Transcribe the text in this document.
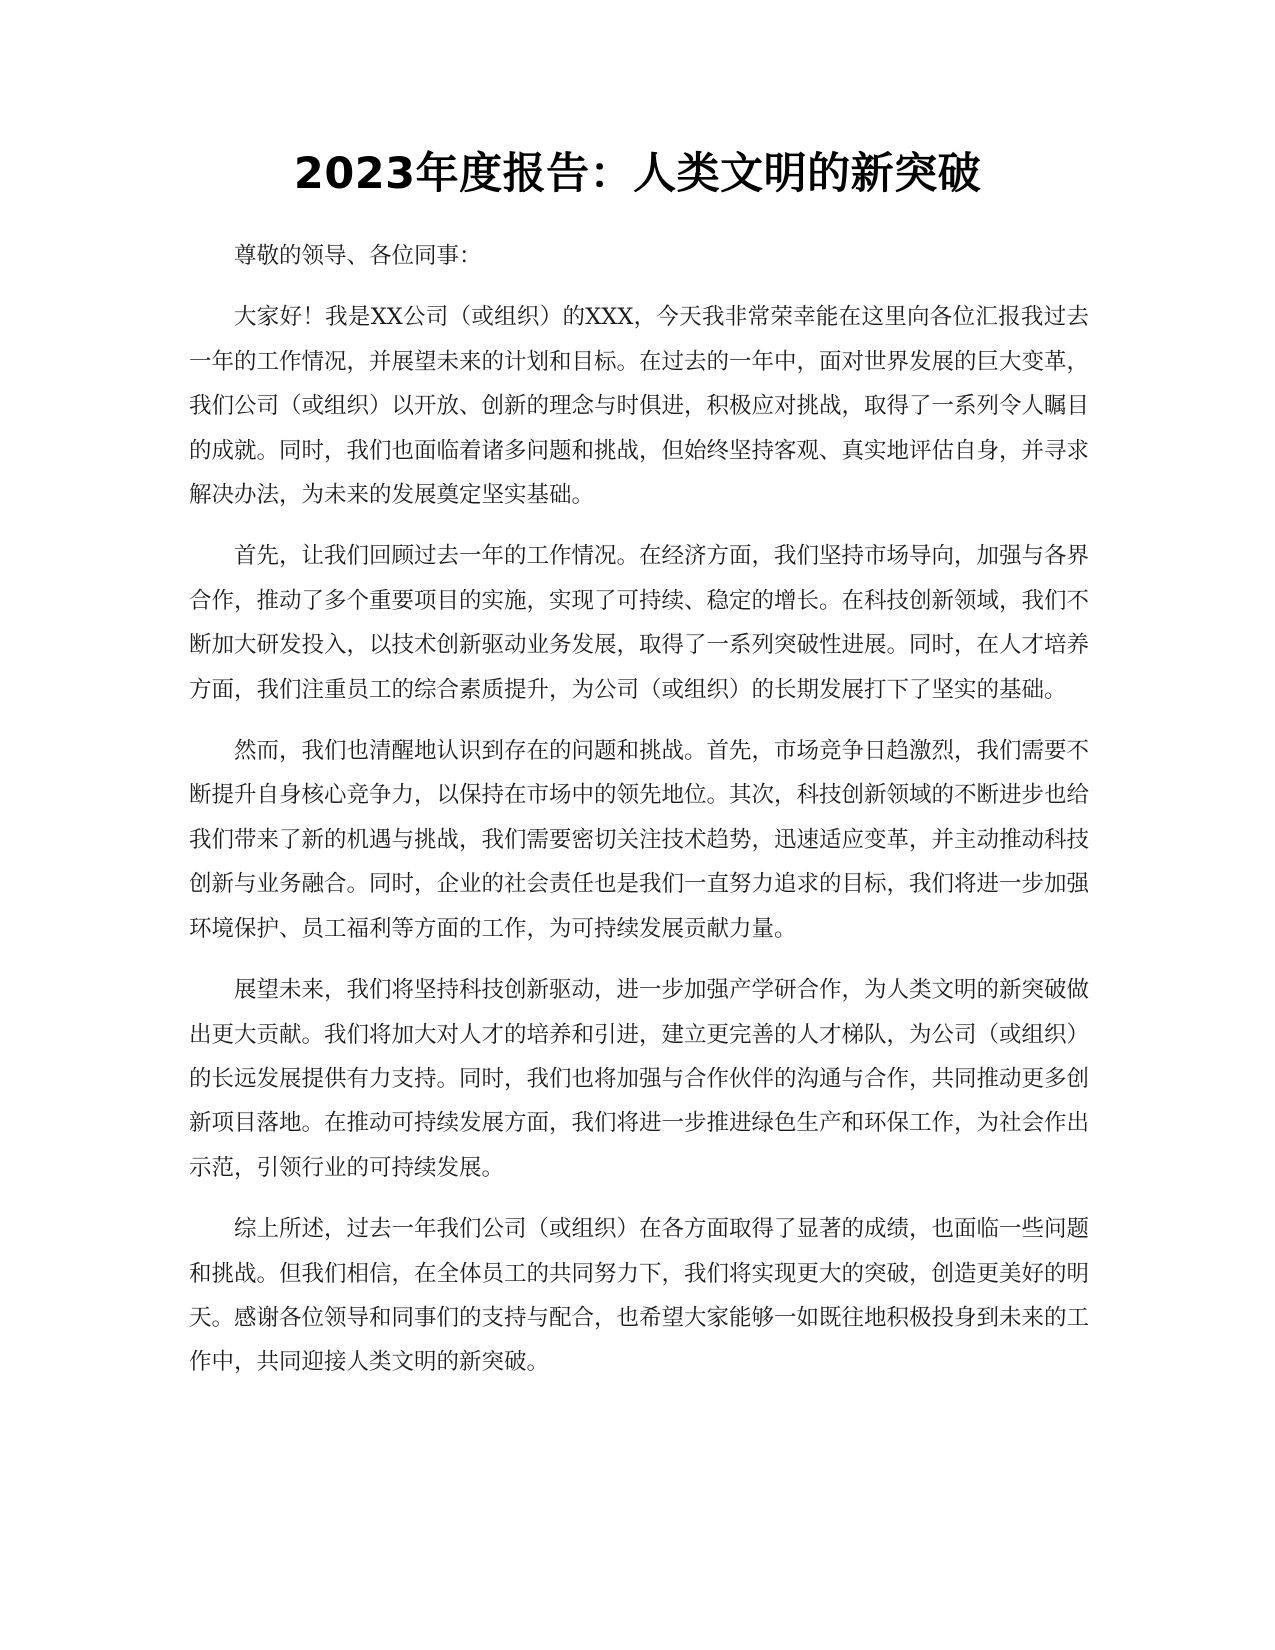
2023年度报告：人类文明的新突破

尊敬的领导、各位同事：

大家好！我是XX公司（或组织）的XXX，今天我非常荣幸能在这里向各位汇报我过去一年的工作情况，并展望未来的计划和目标。在过去的一年中，面对世界发展的巨大变革，我们公司（或组织）以开放、创新的理念与时俱进，积极应对挑战，取得了一系列令人瞩目的成就。同时，我们也面临着诸多问题和挑战，但始终坚持客观、真实地评估自身，并寻求解决办法，为未来的发展奠定坚实基础。

首先，让我们回顾过去一年的工作情况。在经济方面，我们坚持市场导向，加强与各界合作，推动了多个重要项目的实施，实现了可持续、稳定的增长。在科技创新领域，我们不断加大研发投入，以技术创新驱动业务发展，取得了一系列突破性进展。同时，在人才培养方面，我们注重员工的综合素质提升，为公司（或组织）的长期发展打下了坚实的基础。

然而，我们也清醒地认识到存在的问题和挑战。首先，市场竞争日趋激烈，我们需要不断提升自身核心竞争力，以保持在市场中的领先地位。其次，科技创新领域的不断进步也给我们带来了新的机遇与挑战，我们需要密切关注技术趋势，迅速适应变革，并主动推动科技创新与业务融合。同时，企业的社会责任也是我们一直努力追求的目标，我们将进一步加强环境保护、员工福利等方面的工作，为可持续发展贡献力量。

展望未来，我们将坚持科技创新驱动，进一步加强产学研合作，为人类文明的新突破做出更大贡献。我们将加大对人才的培养和引进，建立更完善的人才梯队，为公司（或组织）的长远发展提供有力支持。同时，我们也将加强与合作伙伴的沟通与合作，共同推动更多创新项目落地。在推动可持续发展方面，我们将进一步推进绿色生产和环保工作，为社会作出示范，引领行业的可持续发展。

综上所述，过去一年我们公司（或组织）在各方面取得了显著的成绩，也面临一些问题和挑战。但我们相信，在全体员工的共同努力下，我们将实现更大的突破，创造更美好的明天。感谢各位领导和同事们的支持与配合，也希望大家能够一如既往地积极投身到未来的工作中，共同迎接人类文明的新突破。
